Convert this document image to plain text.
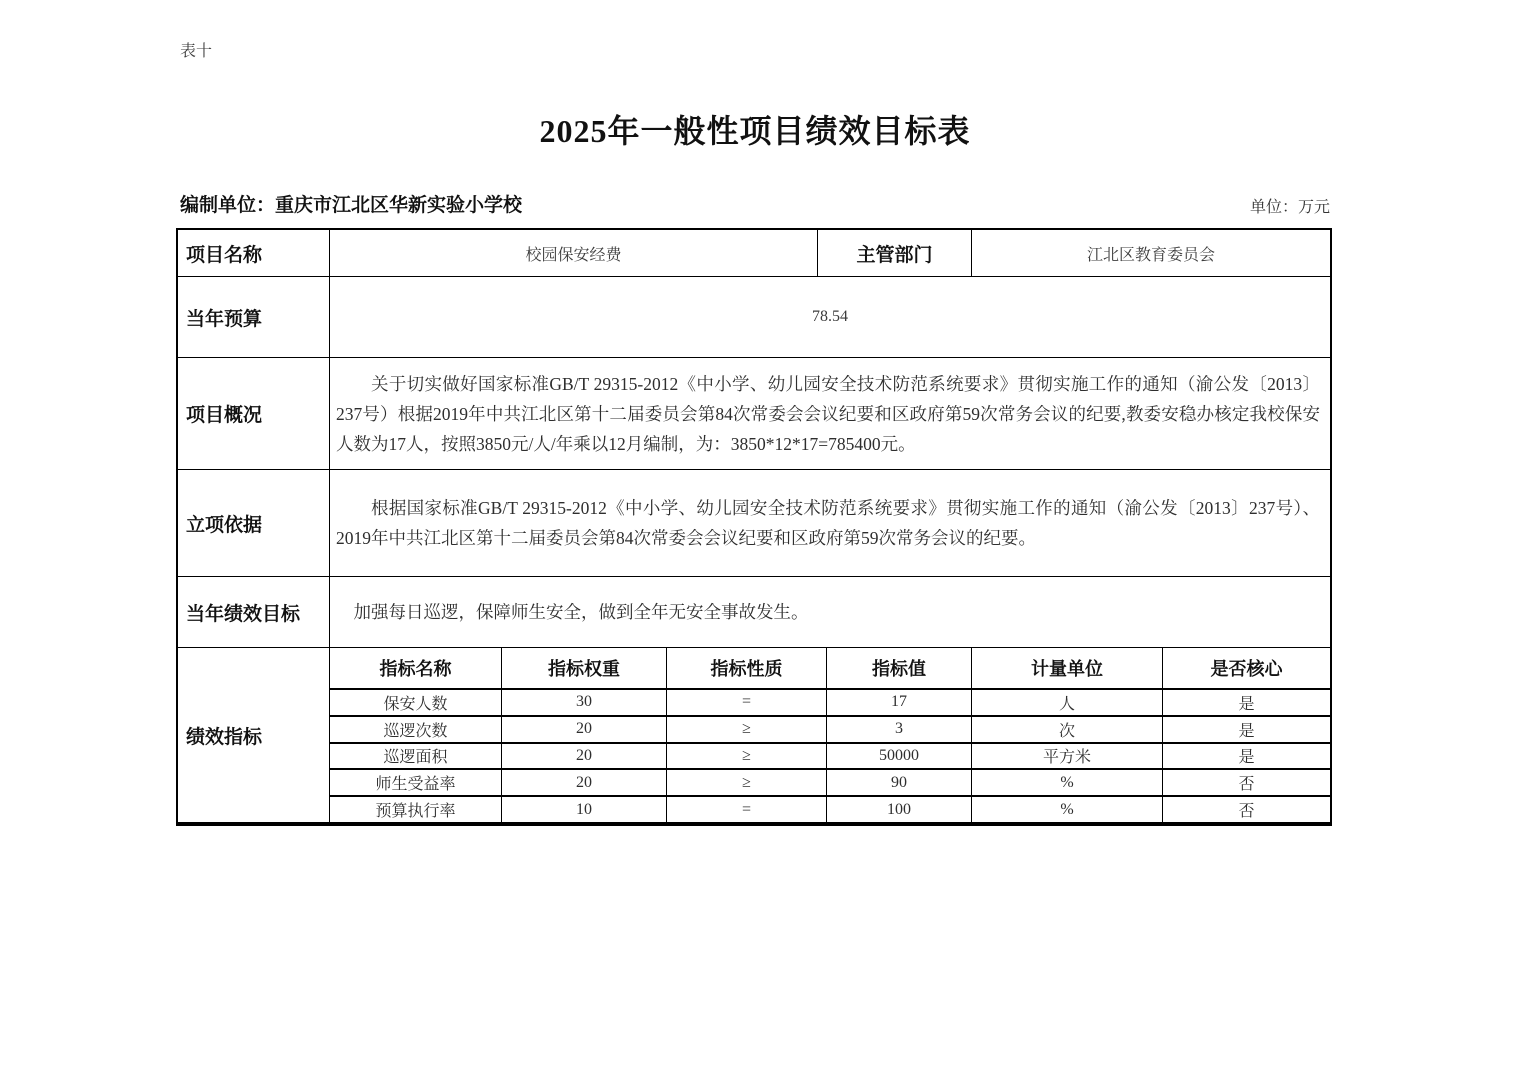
表十
2025年一般性项目绩效目标表
编制单位：重庆市江北区华新实验小学校	单位：万元
项目名称	校园保安经费	主管部门	江北区教育委员会
当年预算	78.54
项目概况

关于切实做好国家标准GB/T 29315-2012《中小学、幼儿园安全技术防范系统要求》贯彻实施工作的通知（渝公发〔2013〕237号）根据2019年中共江北区第十二届委员会第84次常委会会议纪要和区政府第59次常务会议的纪要,教委安稳办核定我校保安人数为17人，按照3850元/人/年乘以12月编制，为：3850*12*17=785400元。

立项依据

根据国家标准GB/T 29315-2012《中小学、幼儿园安全技术防范系统要求》贯彻实施工作的通知（渝公发〔2013〕237号）、2019年中共江北区第十二届委员会第84次常委会会议纪要和区政府第59次常务会议的纪要。

当年绩效目标	加强每日巡逻，保障师生安全，做到全年无安全事故发生。

绩效指标
指标名称	指标权重	指标性质	指标值	计量单位	是否核心
保安人数	30	=	17	人	是
巡逻次数	20	≥	3	次	是
巡逻面积	20	≥	50000	平方米	是
师生受益率	20	≥	90	%	否
预算执行率	10	=	100	%	否
